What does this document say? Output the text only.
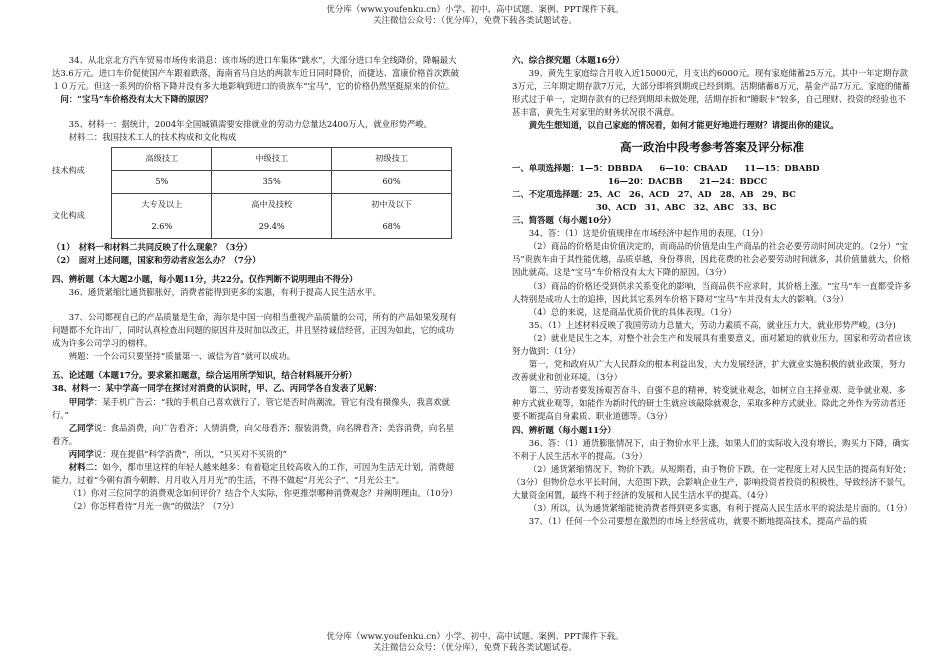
优分库（www.youfenku.cn）小学、初中、高中试题、案例、PPT课件下载。
关注微信公众号：（优分库），免费下载各类试题试卷。

34、从北京北方汽车贸易市场传来消息：该市场的进口车集体“跳水”，大部分进口车全线降价，降幅最大达3.6万元。进口车价促使国产车跟着跌落，海南省马自达的两款车近日同时降价，而捷达、富康价格首次跌破１０万元。但这一系列的价格下降并没有多大地影响到进口的贵族车“宝马”，它的价格仍然坚挺原来的价位。

问：“宝马”车价格没有太大下降的原因？

35、材料一：据统计，2004年全国城镇需要安排就业的劳动力总量达2400万人，就业形势严峻。

材料二：我国技术工人的技术构成和文化构成

技术构成	高级技工	中级技工	初级技工
	5%	35%	60%
文化构成	大专及以上	高中及技校	初中及以下
	2.6%	29.4%	68%

（1）　材料一和材料二共同反映了什么现象？（3分）

（2）　面对上述问题，国家和劳动者应怎么办？（7分）

四、辨析题（本大题2小题，每小题11分，共22分。仅作判断不说明理由不得分）

36、通货紧缩比通货膨胀好，消费者能得到更多的实惠，有利于提高人民生活水平。

37、公司都视自己的产品质量是生命，海尔是中国一向相当重视产品质量的公司，所有的产品如果发现有问题都不允许出厂，同时认真检查出问题的原因并及时加以改正，并且坚持诚信经营，正因为如此，它的成功成为许多公司学习的榜样。

辨题：一个公司只要坚持“质量第一、诚信为首”就可以成功。

五、论述题（本题17分。要求紧扣题意，综合运用所学知识，结合材料展开分析）

38、材料一：某中学高一同学在探讨对消费的认识时，甲、乙、丙同学各自发表了见解：

甲同学：某手机广告云：“我的手机自己喜欢就行了，管它是否时尚潮流，管它有没有摄像头，我喜欢就行。”

乙同学说：食品消费，向广告看齐；人情消费，向父母看齐；服装消费，向名牌看齐；美容消费，向名星看齐。

丙同学说：现在提倡“科学消费”，所以，“只买对不买贵的”

材料二：如今，都市里这样的年轻人越来越多：有着稳定且较高收入的工作，可因为生活无计划，消费超能力，过着“今朝有酒今朝醉、月月收入月月光”的生活，不得不做起“月光公子”、“月光公主”。

（1）你对三位同学的消费观念如何评价？结合个人实际，你更推崇哪种消费观念？并阐明理由。（10分）

（2）你怎样看待“月光一族”的做法？（7分）

六、综合探究题（本题16分）

39、黄先生家庭综合月收入近15000元，月支出约6000元。现有家庭储蓄25万元，其中一年定期存款3万元，三年期定期存款7万元，大部分即将到期或已经到期。活期储蓄8万元，基金产品7万元。家庭的储蓄形式过于单一，定期存款有的已经到期却未做处理，活期存折和“睡眠卡”较多，自己理财、投资的经验也不甚丰富，黄先生对家里的财务状况很不满意。

黄先生想知道，以自己家庭的情况看，如何才能更好地进行理财？请提出你的建议。

高一政治中段考参考答案及评分标准

一、单项选择题：1—5：DBBDA　　6—10：CBAAD　　11—15：DBABD

16—20：DACBB　　21—24：BDCC

二、不定项选择题：25、AC　26、ACD　27、AD　28、AB　29、BC

30、ACD　31、ABC　32、ABC　33、BC

三、简答题（每小题10分）

34、答：（1）这是价值规律在市场经济中起作用的表现。（1分）

（2）商品的价格是由价值决定的，而商品的价值是由生产商品的社会必要劳动时间决定的。（2分）“宝马”贵族车由于其性能优越，品质卓越，身份尊贵，因此花费的社会必要劳动时间就多，其价值量就大，价格因此就高。这是“宝马”车价格没有太大下降的原因。（3分）

（3）商品的价格还受到供求关系变化的影响，当商品供不应求时，其价格上涨。“宝马”车一直都受许多人特别是成功人士的追捧，因此其它系列车价格下降对“宝马”车并没有太大的影响。（3分）

（4）总的来说，这是商品优质价优的具体表现。（1分）

35、（1）上述材料反映了我国劳动力总量大，劳动力素质不高，就业压力大，就业形势严峻。(3分)

（2）就业是民生之本，对整个社会生产和发展具有重要意义，面对紧迫的就业压力，国家和劳动者应该努力做到：（1分）

第一，党和政府从广大人民群众的根本利益出发，大力发展经济，扩大就业实施积极的就业政策，努力改善就业和创业环境。（3分）

第二，劳动者要发扬艰苦奋斗、自强不息的精神，转变就业观念，如树立自主择业观、竞争就业观、多种方式就业观等，如能作为新时代的研士生就应该敲除就观念，采取多种方式就业。除此之外作为劳动者还要不断提高自身素质、职业道德等。（3分）

四、辨析题（每小题11分）

36、答：（1）通货膨胀情况下，由于物价水平上涨，如果人们的实际收入没有增长，购买力下降，确实不利于人民生活水平的提高。（3分）

（2）通货紧缩情况下，物价下跌。从短期看，由于物价下跌，在一定程度上对人民生活的提高有好处；（3分）但物价总水平长时间，大范围下跌，会影响企业生产，影响投资者投资的积极性，导致经济不景气，大量资金闲置，最终不利于经济的发展和人民生活水平的提高。（4分）

（3）所以，认为通货紧缩能使消费者得到更多实惠，有利于提高人民生活水平的说法是片面的。（1分）

37、（1）任何一个公司要想在激烈的市场上经营成功，就要不断地提高技术，提高产品的质

优分库（www.youfenku.cn）小学、初中、高中试题、案例、PPT课件下载。
关注微信公众号：（优分库），免费下载各类试题试卷。
